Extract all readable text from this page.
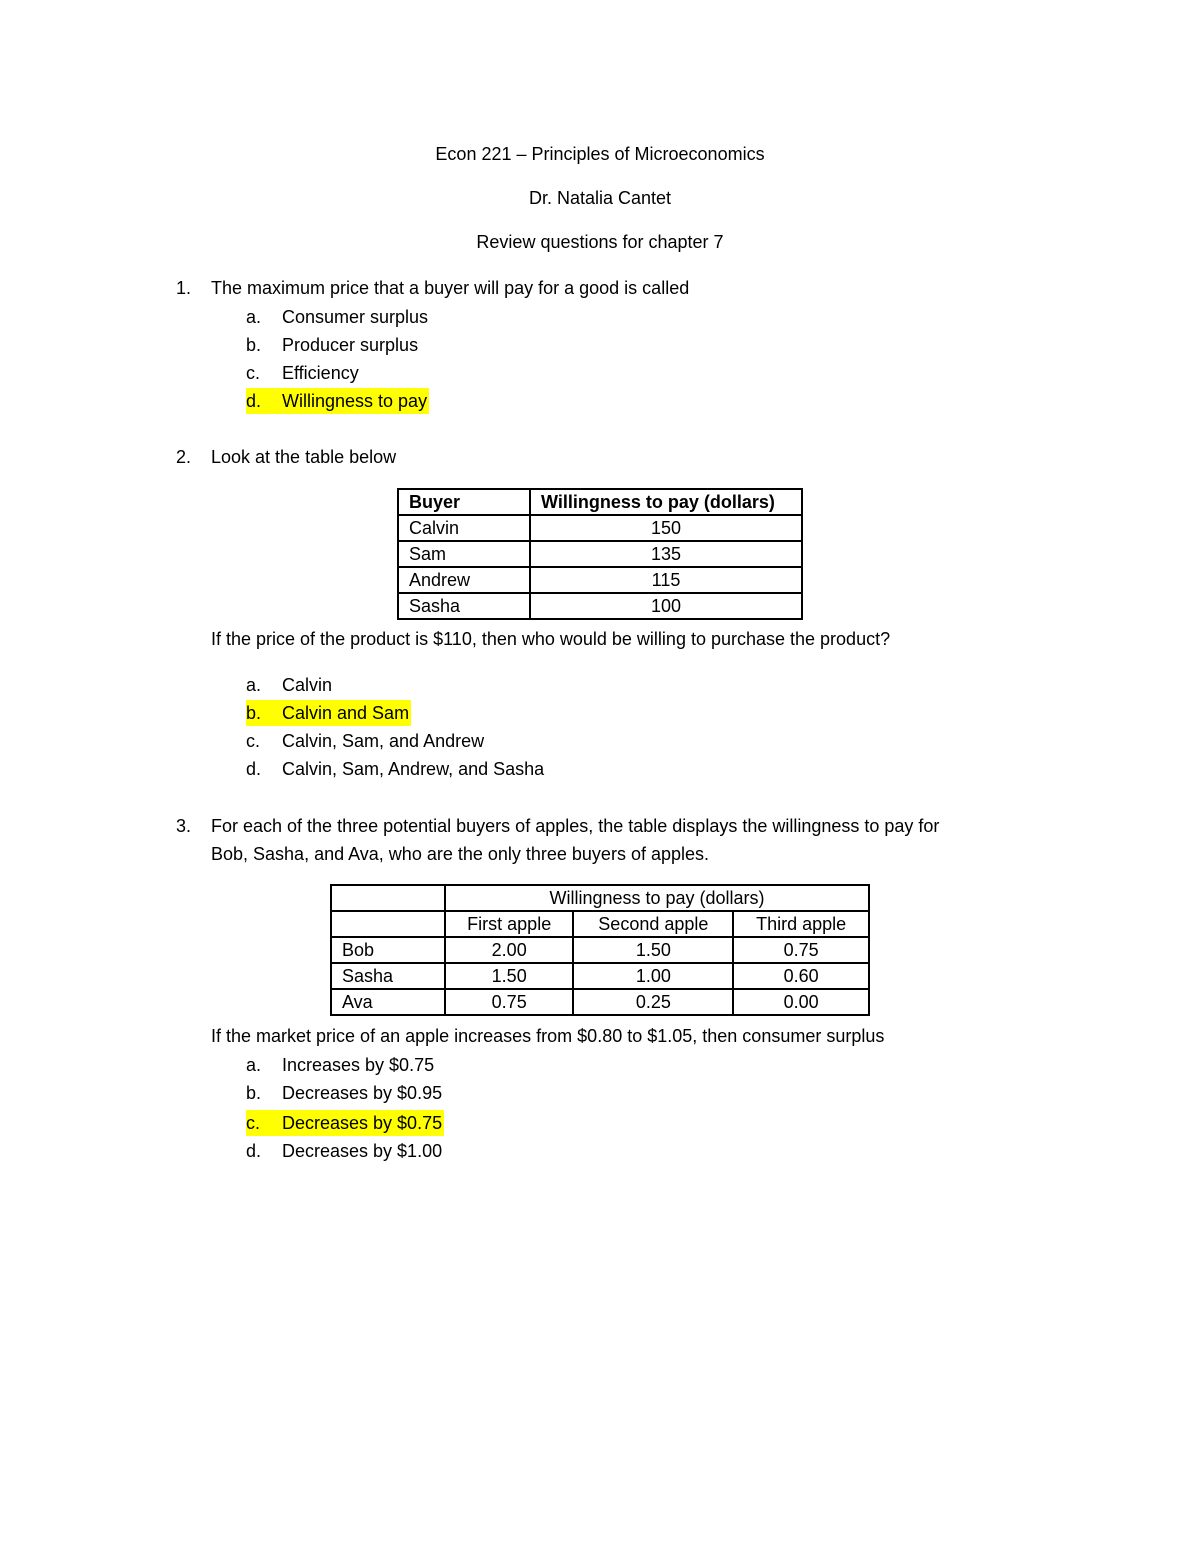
Econ 221 – Principles of Microeconomics
Dr. Natalia Cantet
Review questions for chapter 7
1. The maximum price that a buyer will pay for a good is called
a. Consumer surplus
b. Producer surplus
c. Efficiency
d. Willingness to pay
2. Look at the table below
Buyer	Willingness to pay (dollars)
Calvin	150
Sam	135
Andrew	115
Sasha	100
If the price of the product is $110, then who would be willing to purchase the product?
a. Calvin
b. Calvin and Sam
c. Calvin, Sam, and Andrew
d. Calvin, Sam, Andrew, and Sasha
3. For each of the three potential buyers of apples, the table displays the willingness to pay for
Bob, Sasha, and Ava, who are the only three buyers of apples.
	Willingness to pay (dollars)		
	First apple	Second apple	Third apple
Bob	2.00	1.50	0.75
Sasha	1.50	1.00	0.60
Ava	0.75	0.25	0.00
If the market price of an apple increases from $0.80 to $1.05, then consumer surplus
a. Increases by $0.75
b. Decreases by $0.95
c. Decreases by $0.75
d. Decreases by $1.00
